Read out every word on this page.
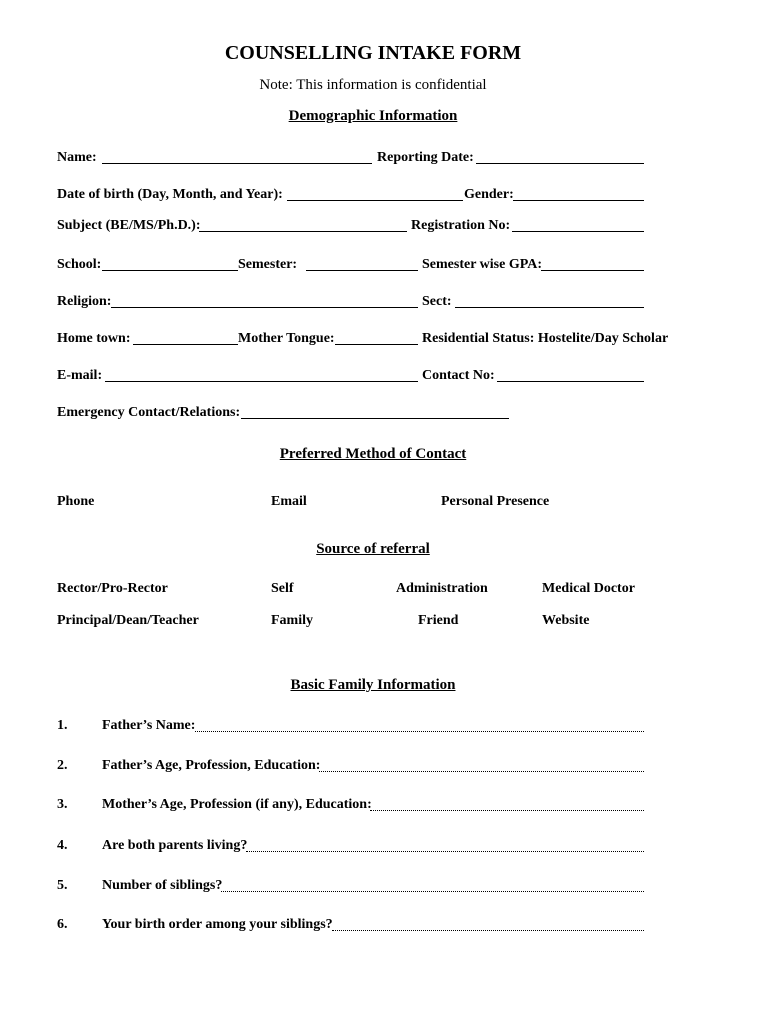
COUNSELLING INTAKE FORM
Note: This information is confidential
Demographic Information
Name:	Reporting Date:
Date of birth (Day, Month, and Year):	Gender:
Subject (BE/MS/Ph.D.):	Registration No:
School:	Semester:	Semester wise GPA:
Religion:	Sect:
Home town:	Mother Tongue:	Residential Status: Hostelite/Day Scholar
E-mail:	Contact No:
Emergency Contact/Relations:
Preferred Method of Contact
Phone	Email	Personal Presence
Source of referral
Rector/Pro-Rector	Self	Administration	Medical Doctor
Principal/Dean/Teacher	Family	Friend	Website
Basic Family Information
1. Father’s Name:
2. Father’s Age, Profession, Education:
3. Mother’s Age, Profession (if any), Education:
4. Are both parents living?
5. Number of siblings?
6. Your birth order among your siblings?
